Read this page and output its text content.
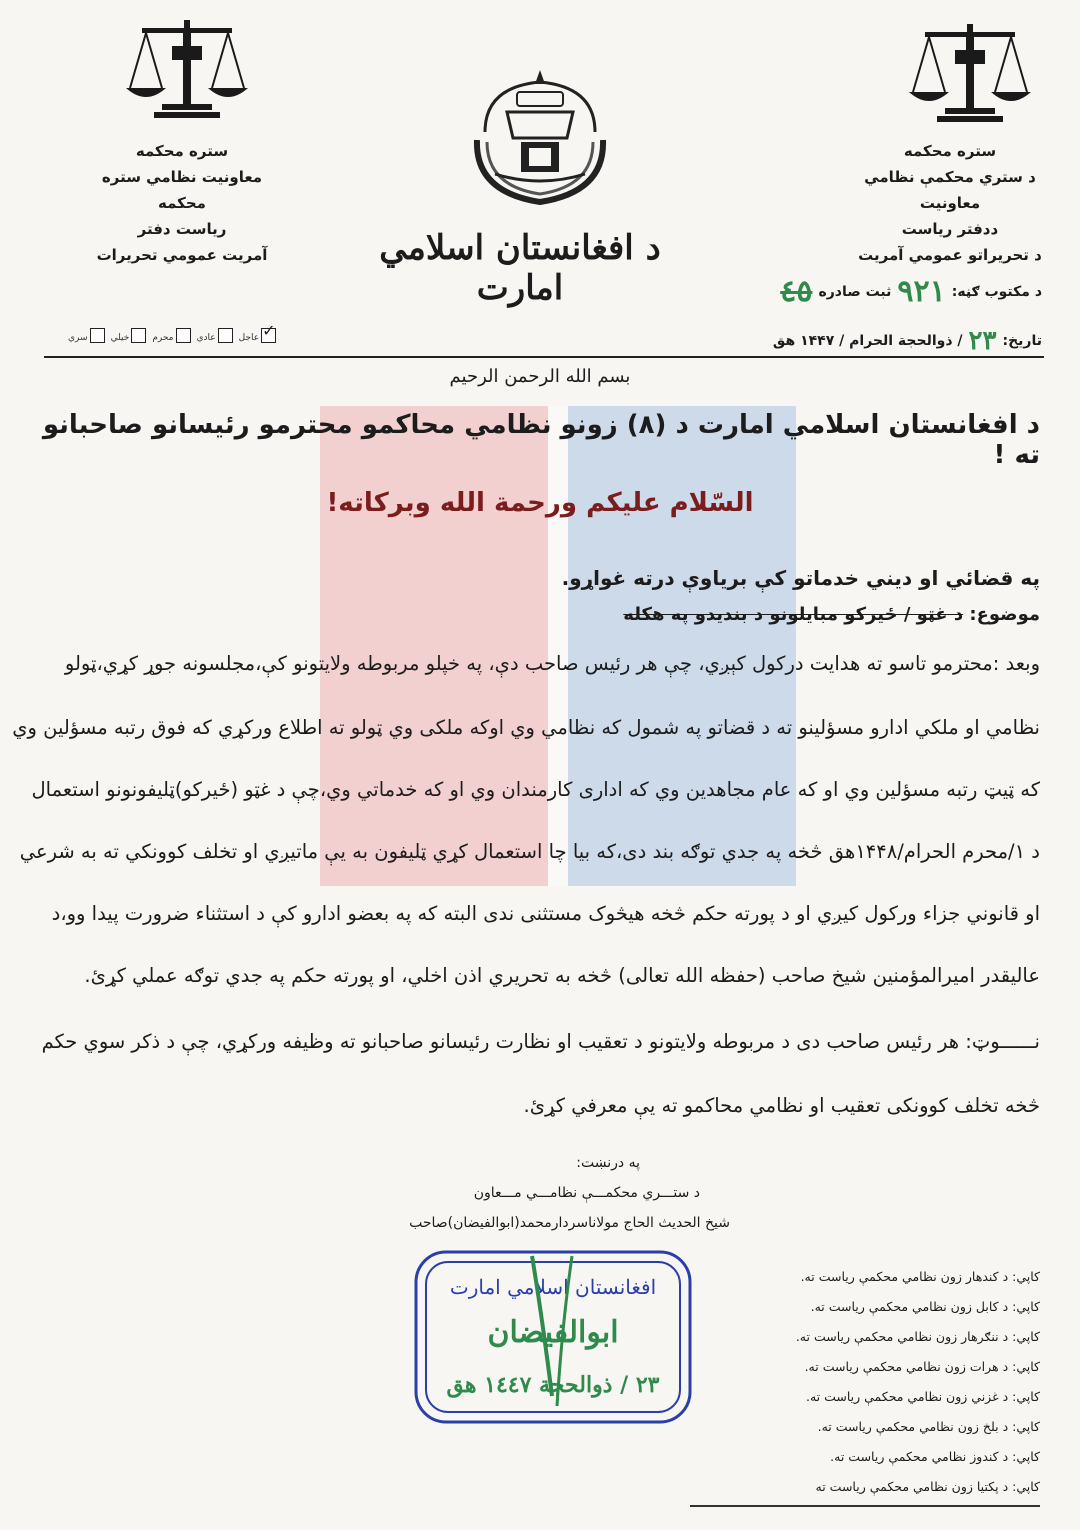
ستره محکمه
د ستري محکمې نظامي معاونيت
ددفتر رياست
د تحريراتو عمومي آمريت
ستره محکمه
معاونيت نظامي ستره محکمه
رياست دفتر
آمريت عمومي تحريرات	د افغانستان اسلامي امارت	د مکتوب ګڼه:
٩٢١
ثبت صادره
٤٥
تاريخ:
٢٣
/ ذوالحجة الحرام / ۱۴۴۷ هق
عاجل
✓
عادي
محرم
خيلي
سري
بسم الله الرحمن الرحيم
د افغانستان اسلامي امارت د (۸) زونو نظامي محاکمو محترمو رئيسانو صاحبانو ته !
السّلام عليکم ورحمة الله وبرکاته!
په قضائي او ديني خدماتو کې برياوې درته غواړو.
موضوع: د غټو / ځيرکو مبايلونو د بنديدو په هکله
وبعد :محترمو تاسو ته هدايت درکول کېږي، چې هر رئيس صاحب دې، په خپلو مربوطه ولايتونو کې،مجلسونه جوړ کړي،ټولو
نظامي او ملکي ادارو مسؤلينو ته د قضاتو په شمول که نظامي وي اوکه ملکی وي ټولو ته اطلاع ورکړي که فوق رتبه مسؤلين وي
که ټيټ رتبه مسؤلين وي او که عام مجاهدين وي که اداری کارمندان وي او که خدماتي وي،چې د غټو (ځيرکو)ټليفونونو استعمال
د ۱/محرم الحرام/۱۴۴۸هق څخه په جدي توګه بند دی،که بيا چا استعمال کړي ټليفون به يې ماتيږي او تخلف کوونکي ته به شرعي
او قانوني جزاء ورکول کيږي او د پورته حکم څخه هيڅوک مستثنی ندی البته که په بعضو ادارو کې د استثناء ضرورت پيدا وو،د
عاليقدر اميرالمؤمنين شيخ صاحب (حفظه الله تعالی) څخه به تحريري اذن اخلي، او پورته حکم په جدي توګه عملي کړئ.
نــــــوټ: هر رئيس صاحب دی د مربوطه ولايتونو د تعقيب او نظارت رئيسانو صاحبانو ته وظيفه ورکړي، چې د ذکر سوي حکم
څخه تخلف کوونکی تعقيب او نظامي محاکمو ته يې معرفي کړئ.
په درنښت:
د ستـــري محکمـــې نظامـــي مـــعاون
شيخ الحديث الحاج مولاناسردارمحمد(ابوالفيضان)صاحب
افغانستان اسلامي امارت
ابوالفيضان
٢٣ / ذوالحجة ١٤٤٧ هق
کاپي: د کندهار زون نظامي محکمې رياست ته.
کاپي: د کابل زون نظامي محکمې رياست ته.
کاپي: د ننګرهار زون نظامي محکمې رياست ته.
کاپي: د هرات زون نظامي محکمې رياست ته.
کاپي: د غزني زون نظامي محکمې رياست ته.
کاپي: د بلخ زون نظامي محکمې رياست ته.
کاپي: د کندوز نظامي محکمې رياست ته.
کاپي: د پکتيا زون نظامي محکمې رياست ته
